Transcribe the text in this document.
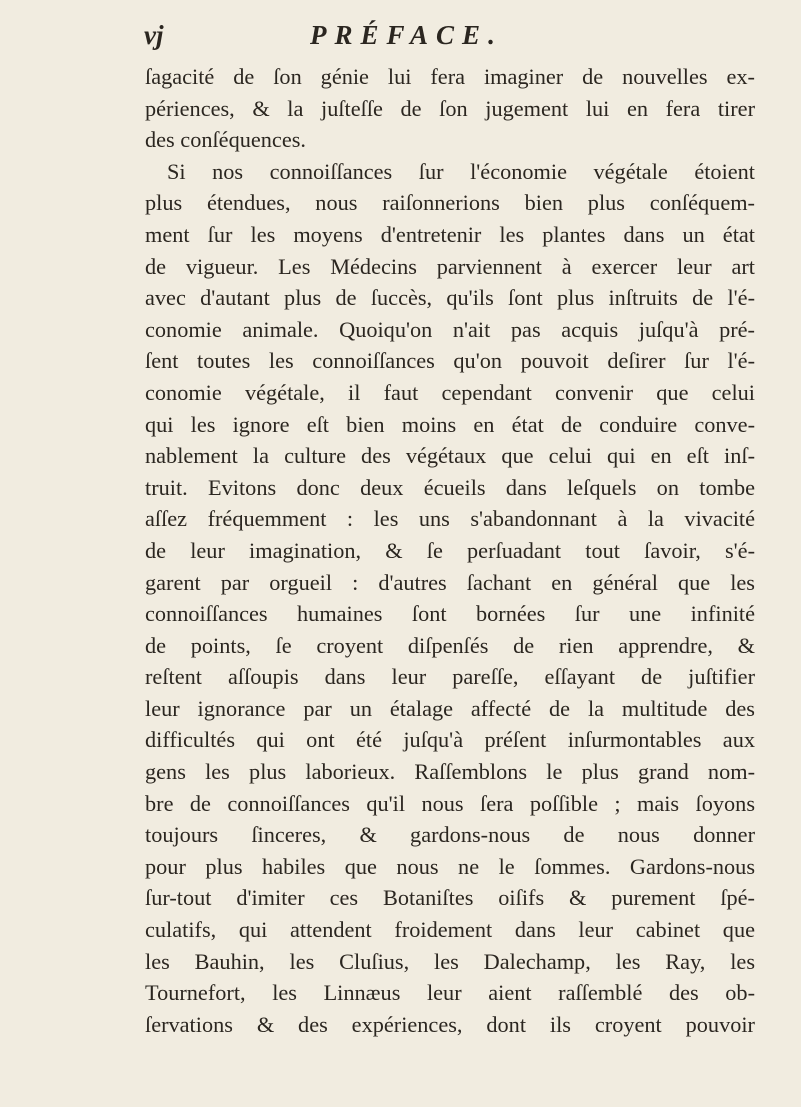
vj	PRÉFACE.
ſagacité de ſon génie lui fera imaginer de nouvelles ex-
périences, & la juſteſſe de ſon jugement lui en fera tirer
des conſéquences.
Si nos connoiſſances ſur l'économie végétale étoient
plus étendues, nous raiſonnerions bien plus conſéquem-
ment ſur les moyens d'entretenir les plantes dans un état
de vigueur. Les Médecins parviennent à exercer leur art
avec d'autant plus de ſuccès, qu'ils ſont plus inſtruits de l'é-
conomie animale. Quoiqu'on n'ait pas acquis juſqu'à pré-
ſent toutes les connoiſſances qu'on pouvoit deſirer ſur l'é-
conomie végétale, il faut cependant convenir que celui
qui les ignore eſt bien moins en état de conduire conve-
nablement la culture des végétaux que celui qui en eſt inſ-
truit. Evitons donc deux écueils dans leſquels on tombe
aſſez fréquemment : les uns s'abandonnant à la vivacité
de leur imagination, & ſe perſuadant tout ſavoir, s'é-
garent par orgueil : d'autres ſachant en général que les
connoiſſances humaines ſont bornées ſur une infinité
de points, ſe croyent diſpenſés de rien apprendre, &
reſtent aſſoupis dans leur pareſſe, eſſayant de juſtifier
leur ignorance par un étalage affecté de la multitude des
difficultés qui ont été juſqu'à préſent inſurmontables aux
gens les plus laborieux. Raſſemblons le plus grand nom-
bre de connoiſſances qu'il nous ſera poſſible ; mais ſoyons
toujours ſinceres, & gardons-nous de nous donner
pour plus habiles que nous ne le ſommes. Gardons-nous
ſur-tout d'imiter ces Botaniſtes oiſifs & purement ſpé-
culatifs, qui attendent froidement dans leur cabinet que
les Bauhin, les Cluſius, les Dalechamp, les Ray, les
Tournefort, les Linnæus leur aient raſſemblé des ob-
ſervations & des expériences, dont ils croyent pouvoir
